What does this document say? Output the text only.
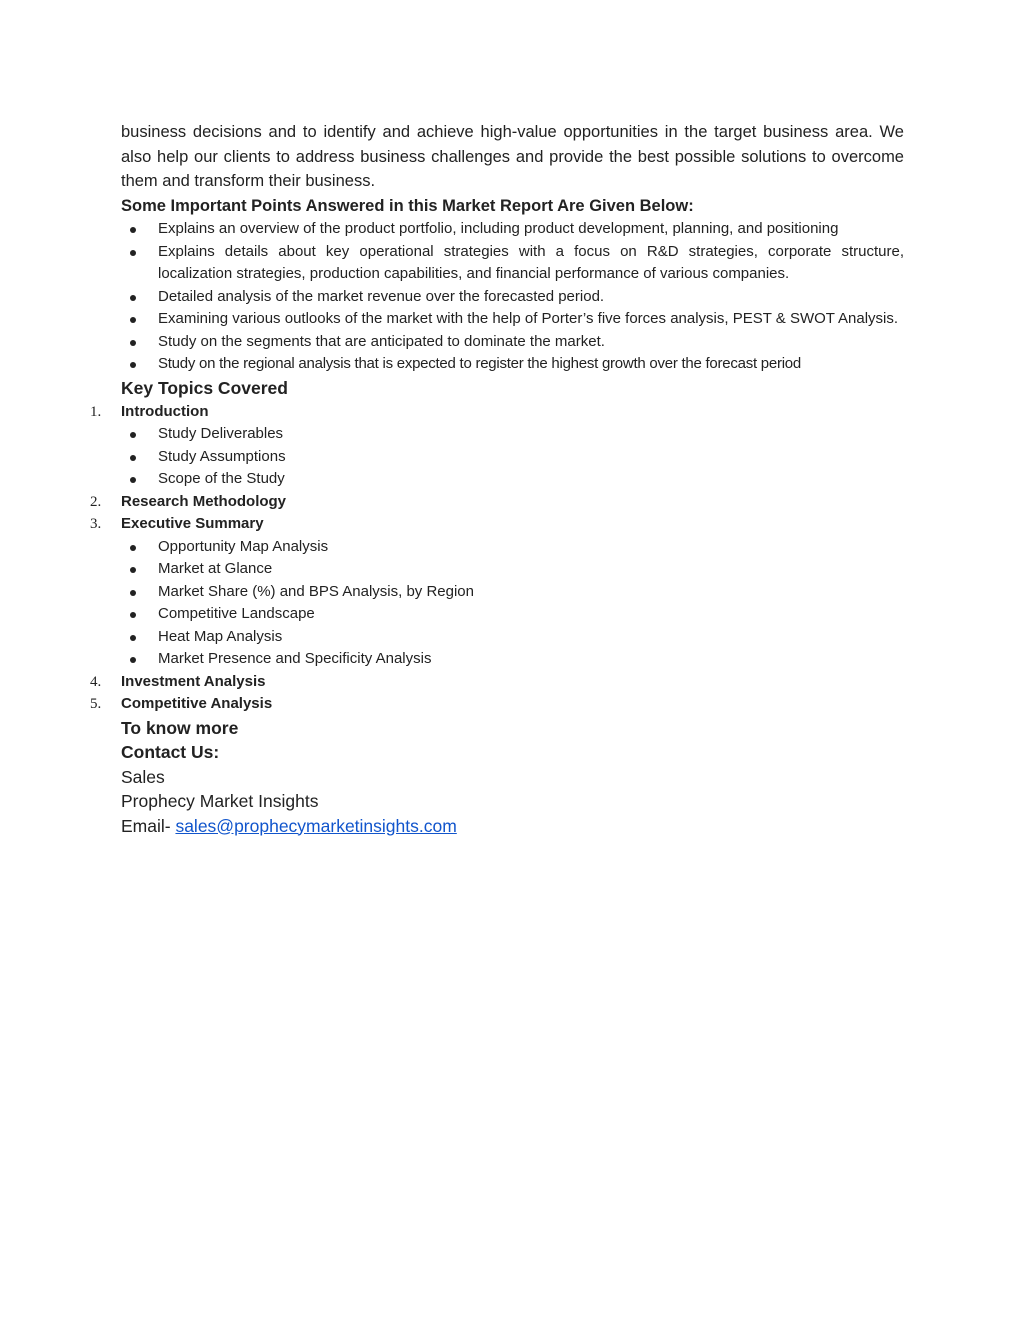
business decisions and to identify and achieve high-value opportunities in the target business area. We also help our clients to address business challenges and provide the best possible solutions to overcome them and transform their business.

Some Important Points Answered in this Market Report Are Given Below:

Explains an overview of the product portfolio, including product development, planning, and positioning
Explains details about key operational strategies with a focus on R&D strategies, corporate structure, localization strategies, production capabilities, and financial performance of various companies.
Detailed analysis of the market revenue over the forecasted period.
Examining various outlooks of the market with the help of Porter’s five forces analysis, PEST & SWOT Analysis.
Study on the segments that are anticipated to dominate the market.
Study on the regional analysis that is expected to register the highest growth over the forecast period

Key Topics Covered

1. Introduction
Study Deliverables
Study Assumptions
Scope of the Study
2. Research Methodology
3. Executive Summary
Opportunity Map Analysis
Market at Glance
Market Share (%) and BPS Analysis, by Region
Competitive Landscape
Heat Map Analysis
Market Presence and Specificity Analysis
4. Investment Analysis
5. Competitive Analysis

To know more

Contact Us:

Sales

Prophecy Market Insights

Email- sales@prophecymarketinsights.com
